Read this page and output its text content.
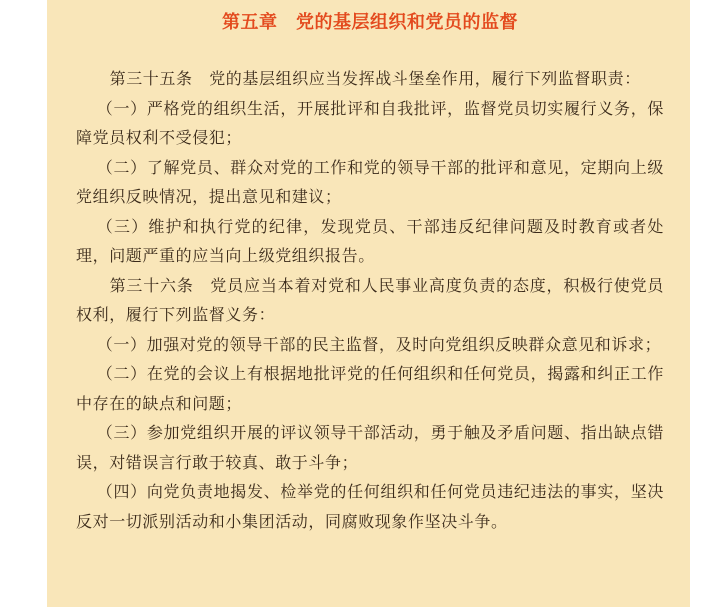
第五章　党的基层组织和党员的监督

第三十五条　党的基层组织应当发挥战斗堡垒作用，履行下列监督职责：

（一）严格党的组织生活，开展批评和自我批评，监督党员切实履行义务，保障党员权利不受侵犯；

（二）了解党员、群众对党的工作和党的领导干部的批评和意见，定期向上级党组织反映情况，提出意见和建议；

（三）维护和执行党的纪律，发现党员、干部违反纪律问题及时教育或者处理，问题严重的应当向上级党组织报告。

第三十六条　党员应当本着对党和人民事业高度负责的态度，积极行使党员权利，履行下列监督义务：

（一）加强对党的领导干部的民主监督，及时向党组织反映群众意见和诉求；

（二）在党的会议上有根据地批评党的任何组织和任何党员，揭露和纠正工作中存在的缺点和问题；

（三）参加党组织开展的评议领导干部活动，勇于触及矛盾问题、指出缺点错误，对错误言行敢于较真、敢于斗争；

（四）向党负责地揭发、检举党的任何组织和任何党员违纪违法的事实，坚决反对一切派别活动和小集团活动，同腐败现象作坚决斗争。
